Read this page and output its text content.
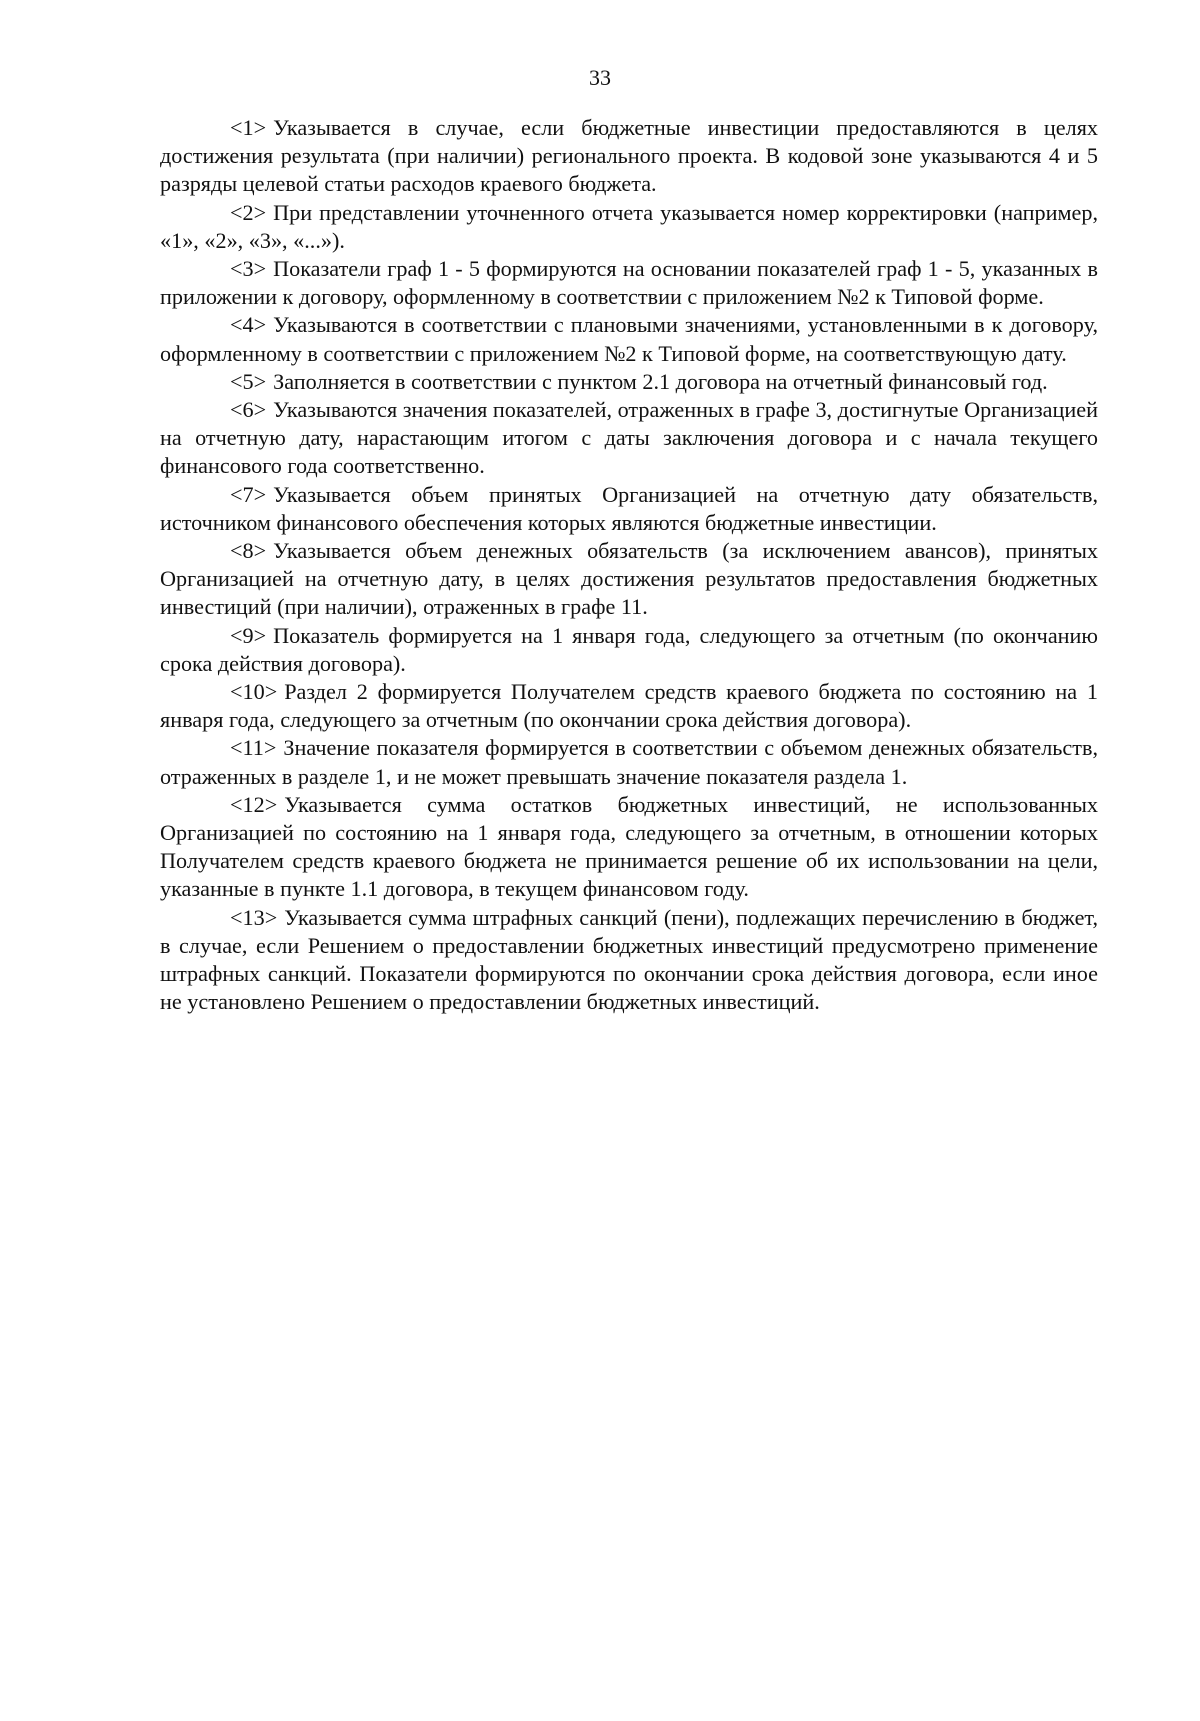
33

<1> Указывается в случае, если бюджетные инвестиции предоставляются в целях достижения результата (при наличии) регионального проекта. В кодовой зоне указываются 4 и 5 разряды целевой статьи расходов краевого бюджета.

<2> При представлении уточненного отчета указывается номер корректировки (например, «1», «2», «3», «...»).

<3> Показатели граф 1 - 5 формируются на основании показателей граф 1 - 5, указанных в приложении к договору, оформленному в соответствии с приложением №2 к Типовой форме.

<4> Указываются в соответствии с плановыми значениями, установленными в к договору, оформленному в соответствии с приложением №2 к Типовой форме, на соответствующую дату.

<5> Заполняется в соответствии с пунктом 2.1 договора на отчетный финансовый год.

<6> Указываются значения показателей, отраженных в графе 3, достигнутые Организацией на отчетную дату, нарастающим итогом с даты заключения договора и с начала текущего финансового года соответственно.

<7> Указывается объем принятых Организацией на отчетную дату обязательств, источником финансового обеспечения которых являются бюджетные инвестиции.

<8> Указывается объем денежных обязательств (за исключением авансов), принятых Организацией на отчетную дату, в целях достижения результатов предоставления бюджетных инвестиций (при наличии), отраженных в графе 11.

<9> Показатель формируется на 1 января года, следующего за отчетным (по окончанию срока действия договора).

<10> Раздел 2 формируется Получателем средств краевого бюджета по состоянию на 1 января года, следующего за отчетным (по окончании срока действия договора).

<11> Значение показателя формируется в соответствии с объемом денежных обязательств, отраженных в разделе 1, и не может превышать значение показателя раздела 1.

<12> Указывается сумма остатков бюджетных инвестиций, не использованных Организацией по состоянию на 1 января года, следующего за отчетным, в отношении которых Получателем средств краевого бюджета не принимается решение об их использовании на цели, указанные в пункте 1.1 договора, в текущем финансовом году.

<13> Указывается сумма штрафных санкций (пени), подлежащих перечислению в бюджет, в случае, если Решением о предоставлении бюджетных инвестиций предусмотрено применение штрафных санкций. Показатели формируются по окончании срока действия договора, если иное не установлено Решением о предоставлении бюджетных инвестиций.
